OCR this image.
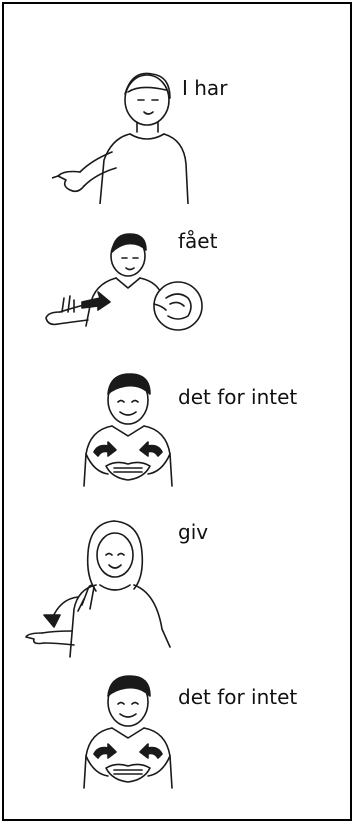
I har
fået
det for intet
giv
det for intet
